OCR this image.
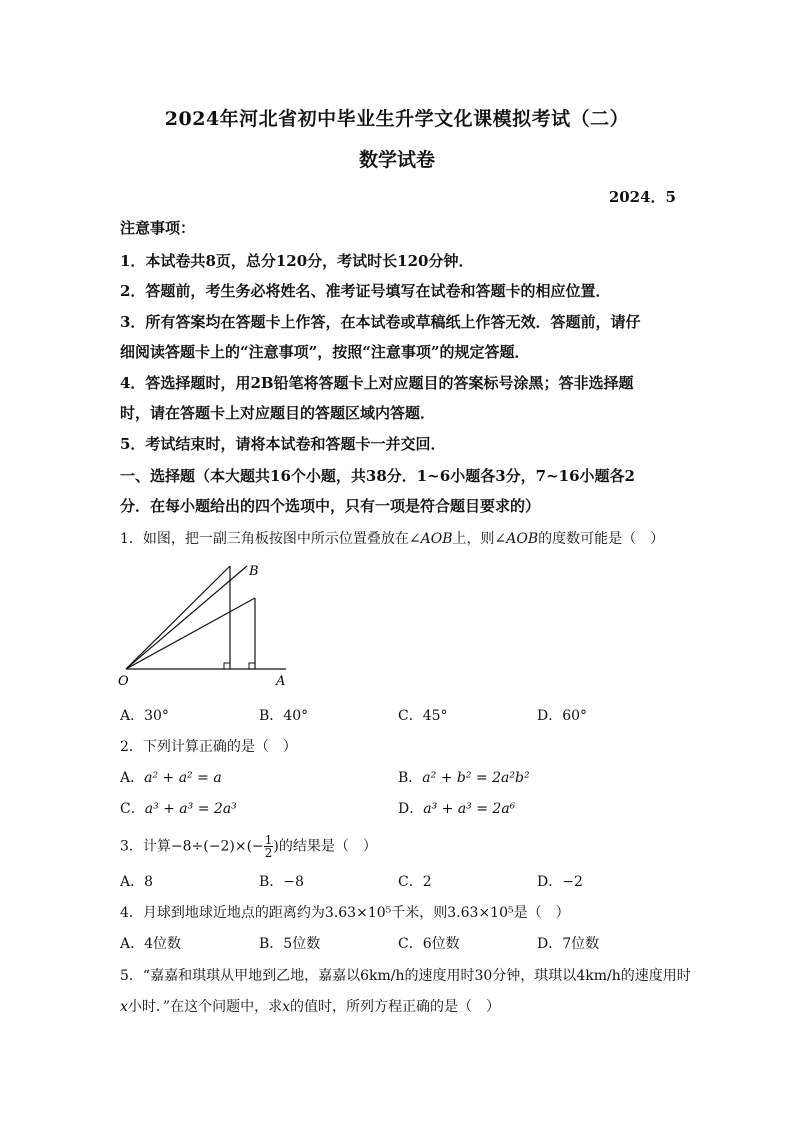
2024年河北省初中毕业生升学文化课模拟考试（二）
数学试卷
2024．5
注意事项：
1．本试卷共8页，总分120分，考试时长120分钟．
2．答题前，考生务必将姓名、准考证号填写在试卷和答题卡的相应位置．
3．所有答案均在答题卡上作答，在本试卷或草稿纸上作答无效．答题前，请仔
细阅读答题卡上的“注意事项”，按照“注意事项”的规定答题．
4．答选择题时，用2B铅笔将答题卡上对应题目的答案标号涂黑；答非选择题
时，请在答题卡上对应题目的答题区域内答题．
5．考试结束时，请将本试卷和答题卡一并交回．
一、选择题（本大题共16个小题，共38分．1~6小题各3分，7~16小题各2
分．在每小题给出的四个选项中，只有一项是符合题目要求的）
1．如图，把一副三角板按图中所示位置叠放在∠AOB上，则∠AOB的度数可能是（　）
O	A
B
A．30°	B．40°	C．45°	D．60°
2．下列计算正确的是（　）
A．a² + a² = a	B．a² + b² = 2a²b²
C．a³ + a³ = 2a³	D．a³ + a³ = 2a⁶
3．计算$-8\div(-2)\times(- \frac{1}{2}$ )的结果是（　）
A．8	B．−8	C．2	D．−2
4．月球到地球近地点的距离约为3.63×10⁵千米，则3.63×10⁵是（　）
A．4位数	B．5位数	C．6位数	D．7位数
5．“嘉嘉和琪琪从甲地到乙地，嘉嘉以6km/h的速度用时30分钟，琪琪以4km/h的速度用时
x小时．”在这个问题中，求x的值时，所列方程正确的是（　）
